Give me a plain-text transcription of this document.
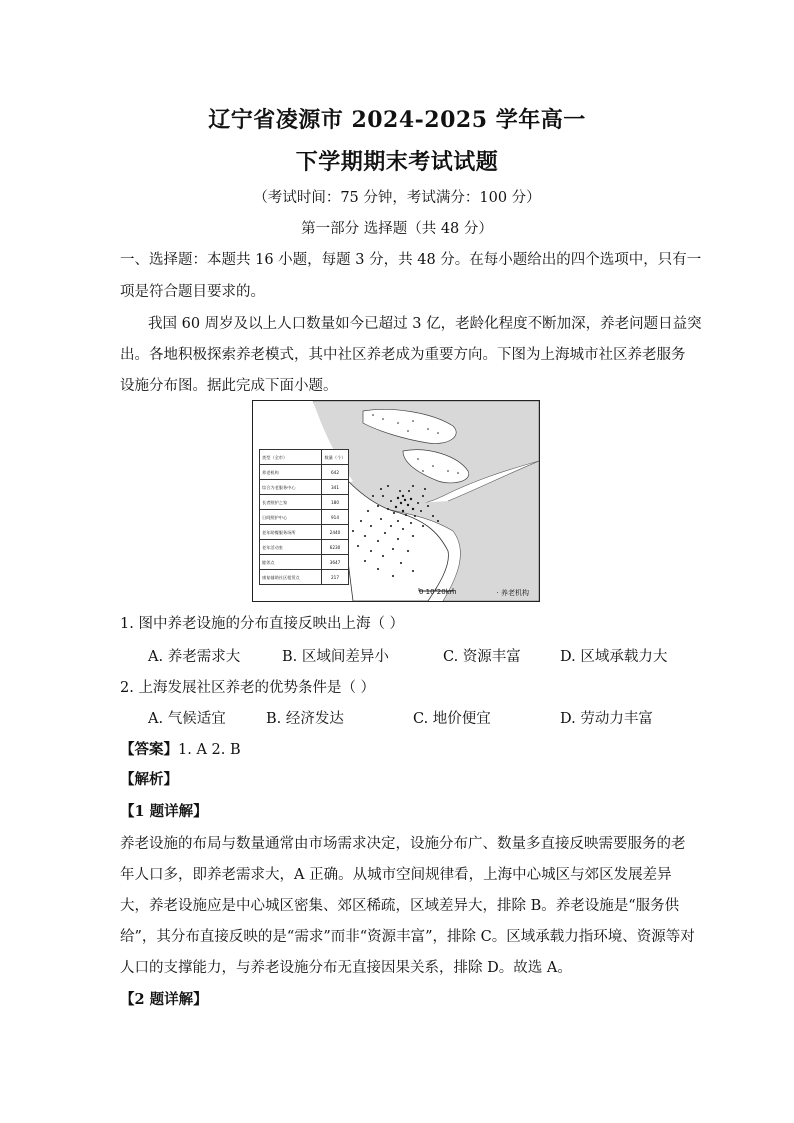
辽宁省凌源市 2024-2025 学年高一
下学期期末考试试题
（考试时间：75 分钟，考试满分：100 分）
第一部分 选择题（共 48 分）
一、选择题：本题共 16 小题，每题 3 分，共 48 分。在每小题给出的四个选项中，只有一
项是符合题目要求的。
我国 60 周岁及以上人口数量如今已超过 3 亿，老龄化程度不断加深，养老问题日益突
出。各地积极探索养老模式，其中社区养老成为重要方向。下图为上海城市社区养老服务
设施分布图。据此完成下面小题。
类型（全市）	数量（个）
养老机构	642
综合为老服务中心	341
长者照护之家	180
日间照护中心	914
老年助餐服务场所	2440
老年活动室	6230
睦邻点	3647
康复辅助社区租赁点	217
0 10 20km	· 养老机构
1. 图中养老设施的分布直接反映出上海（ ）
A. 养老需求大	B. 区域间差异小	C. 资源丰富	D. 区域承载力大
2. 上海发展社区养老的优势条件是（ ）
A. 气候适宜	B. 经济发达	C. 地价便宜	D. 劳动力丰富
【答案】1. A 2. B
【解析】
【1 题详解】
养老设施的布局与数量通常由市场需求决定，设施分布广、数量多直接反映需要服务的老
年人口多，即养老需求大，A 正确。从城市空间规律看，上海中心城区与郊区发展差异
大，养老设施应是中心城区密集、郊区稀疏，区域差异大，排除 B。养老设施是“服务供
给”，其分布直接反映的是“需求”而非“资源丰富”，排除 C。区域承载力指环境、资源等对
人口的支撑能力，与养老设施分布无直接因果关系，排除 D。故选 A。
【2 题详解】
